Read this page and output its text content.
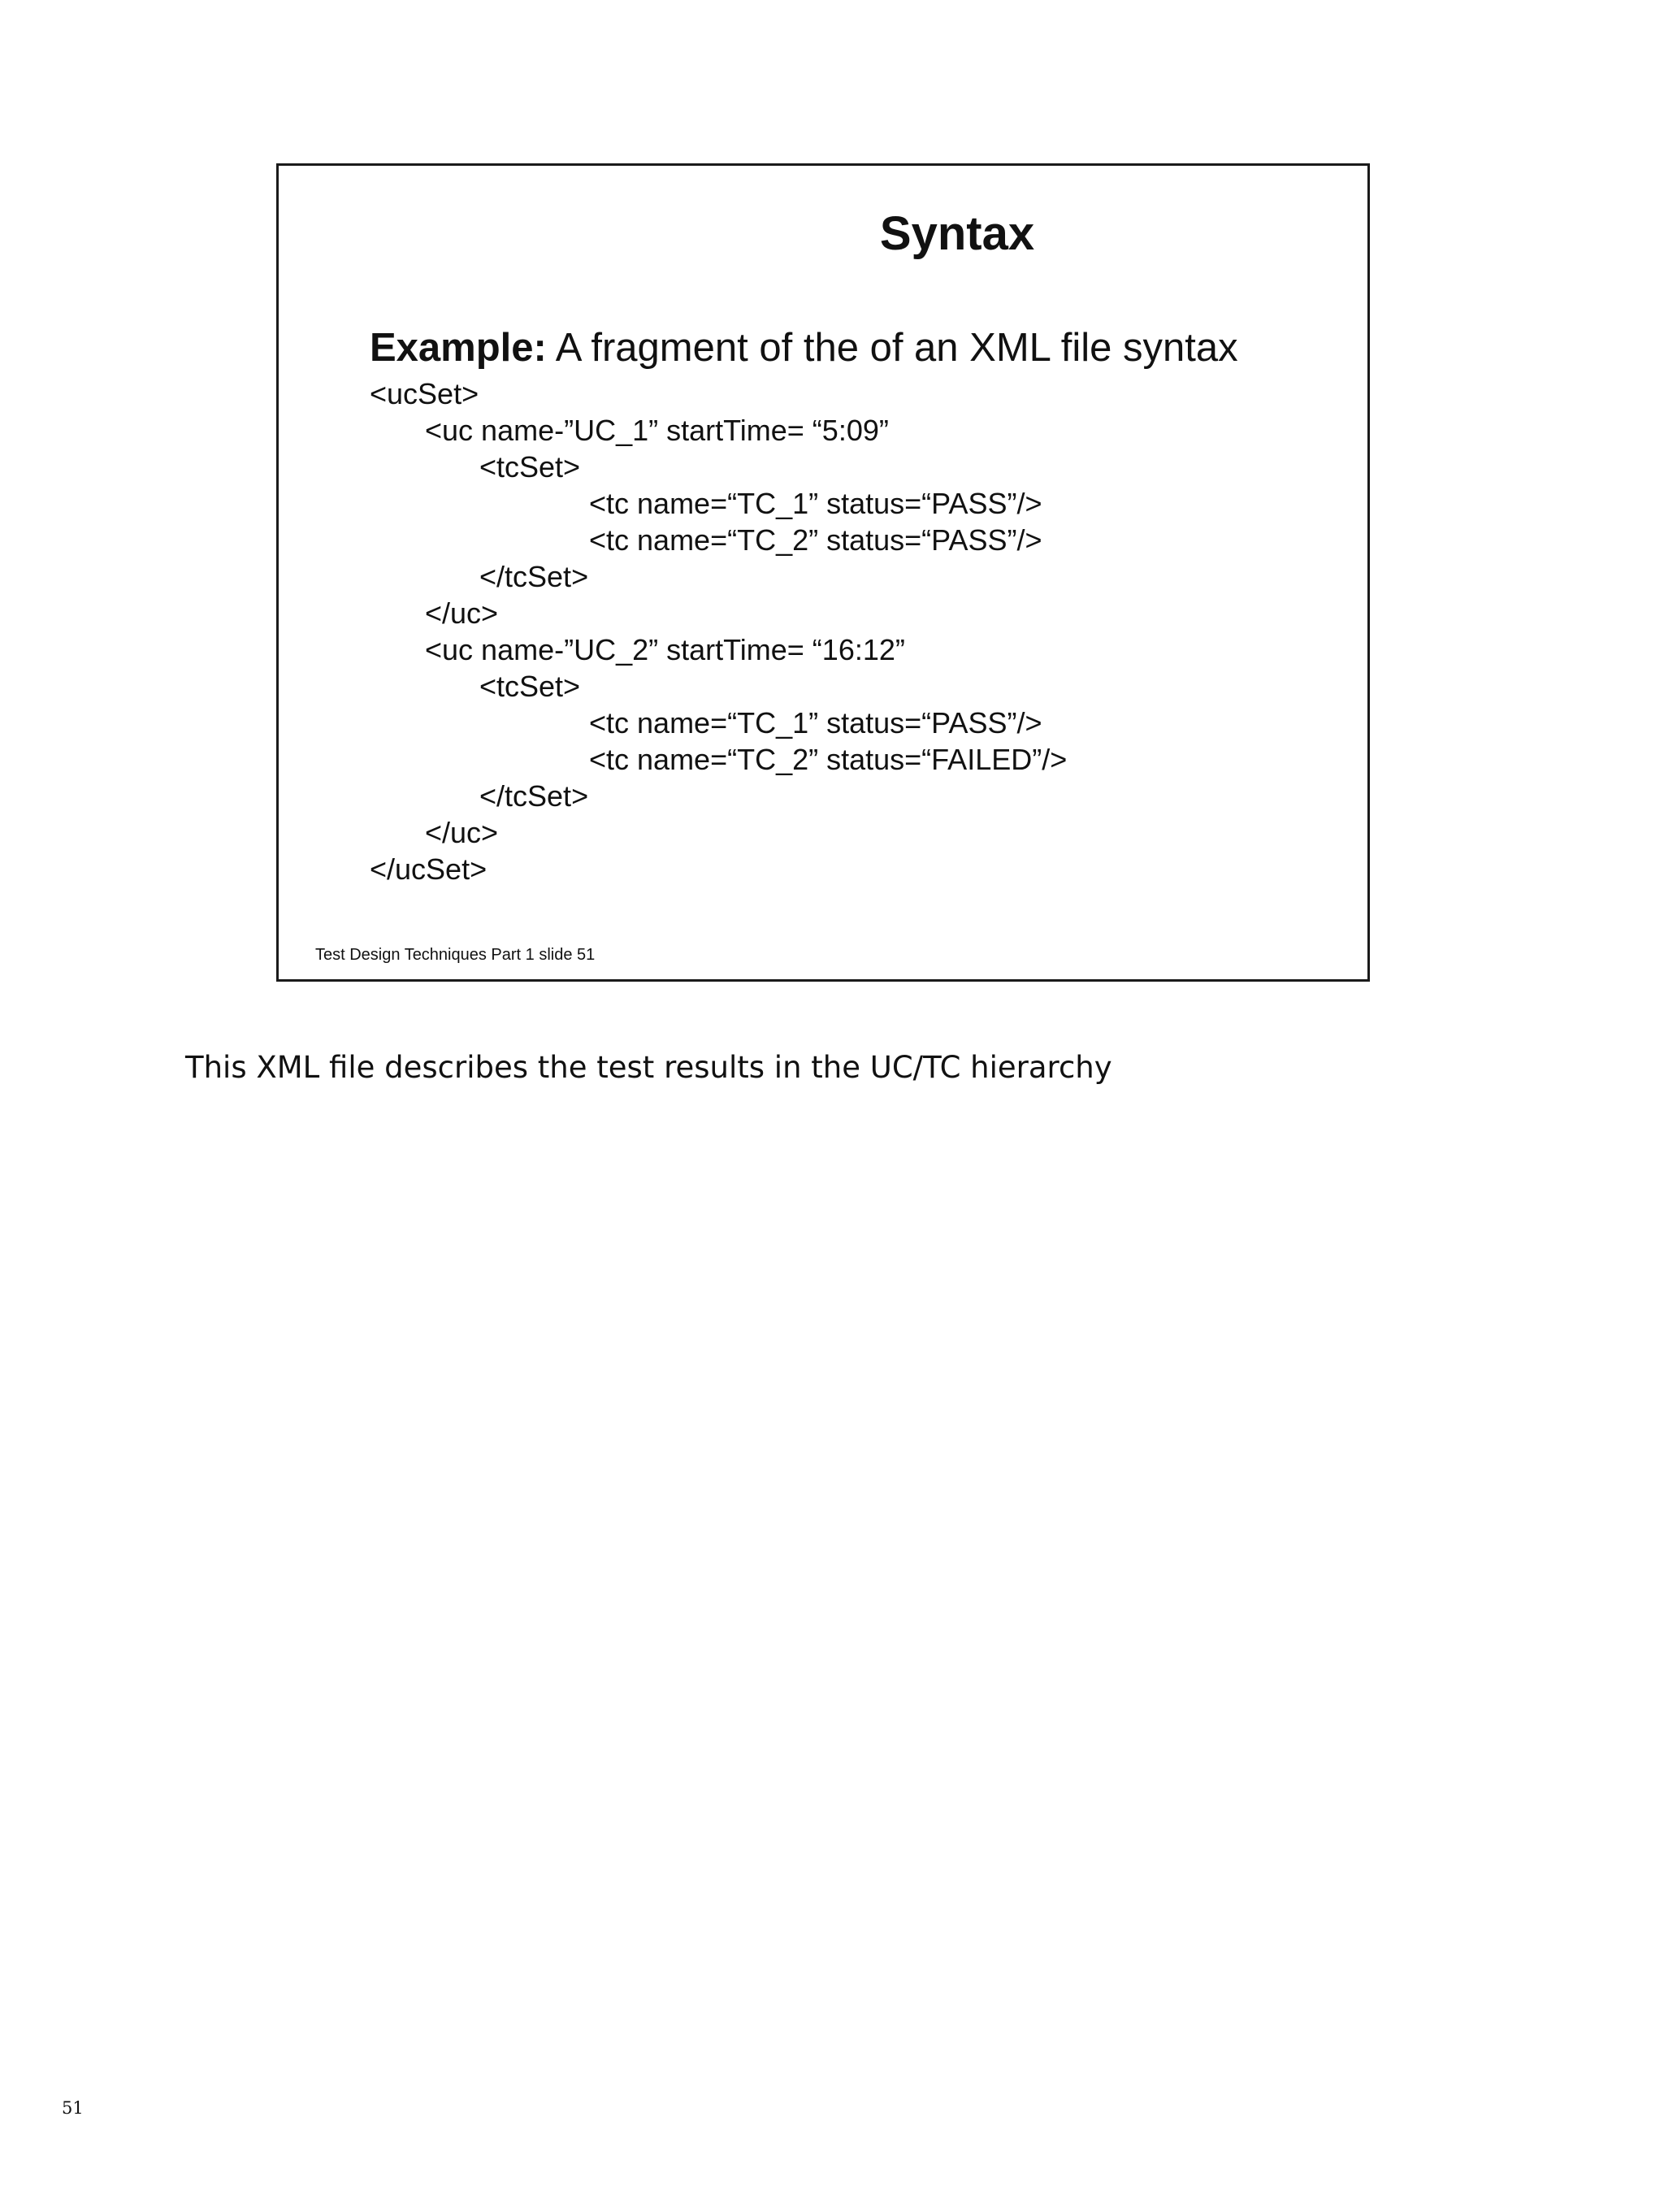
Syntax
Example: A fragment of the of an XML file syntax
<ucSet>
<uc name-”UC_1” startTime= “5:09”
<tcSet>
<tc name=“TC_1” status=“PASS”/>
<tc name=“TC_2” status=“PASS”/>
</tcSet>
</uc>
<uc name-”UC_2” startTime= “16:12”
<tcSet>
<tc name=“TC_1” status=“PASS”/>
<tc name=“TC_2” status=“FAILED”/>
</tcSet>
</uc>
</ucSet>
Test Design Techniques Part 1 slide 51

This XML file describes the test results in the UC/TC hierarchy

51
